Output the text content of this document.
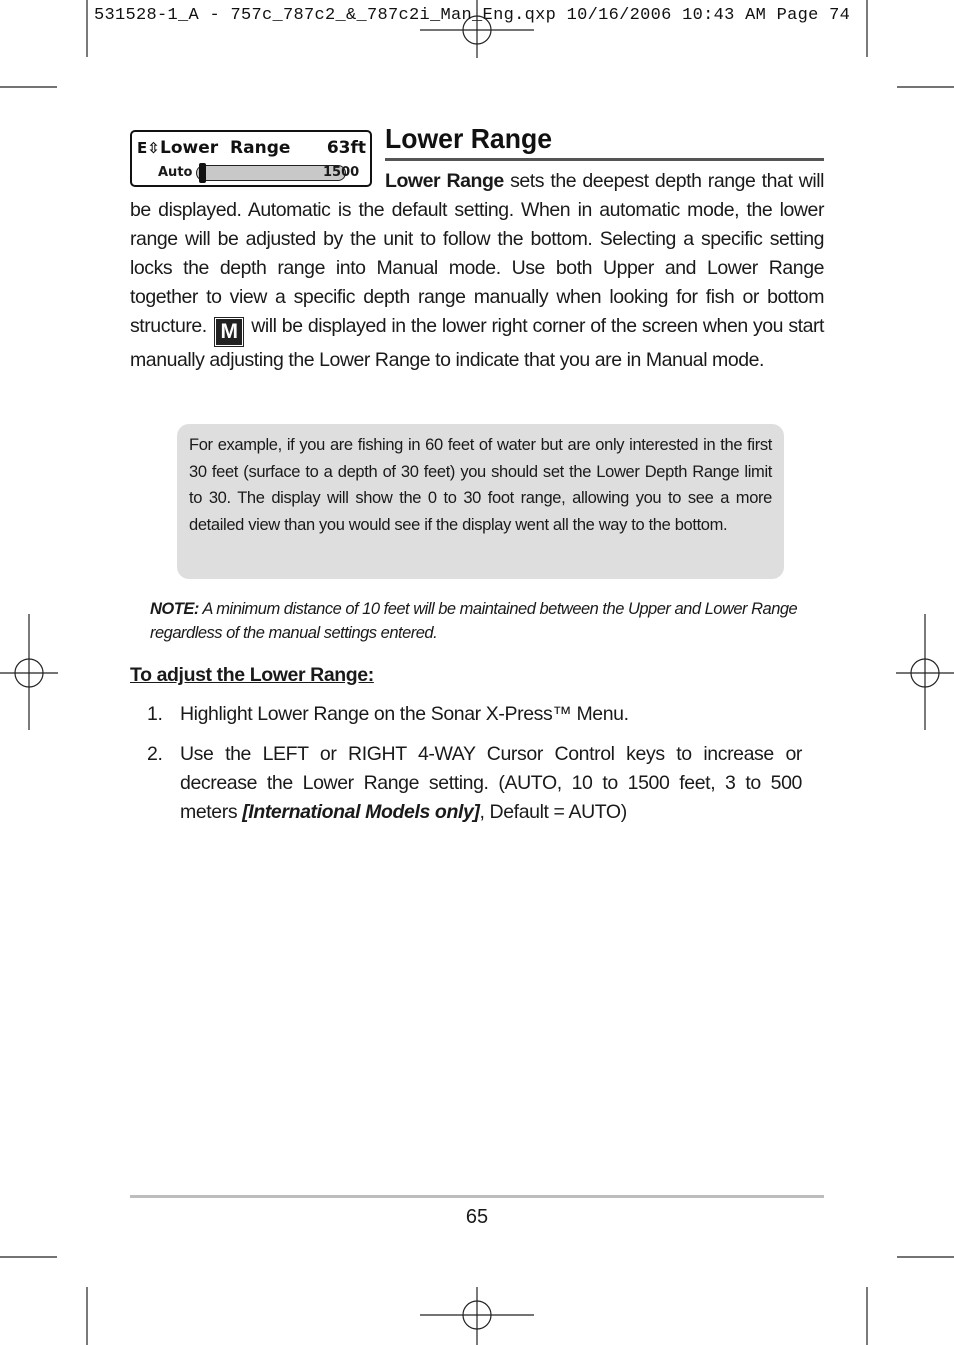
531528-1_A - 757c_787c2_&_787c2i_Man_Eng.qxp 10/16/2006 10:43 AM Page 74
E⇳ Lower Range 63ft
Auto	1500
Lower Range

Lower Range sets the deepest depth range that will be displayed. Automatic is the default setting. When in automatic mode, the lower range will be adjusted by the unit to follow the bottom. Selecting a specific setting locks the depth range into Manual mode. Use both Upper and Lower Range together to view a specific depth range manually when looking for fish or bottom structure. M will be displayed in the lower right corner of the screen when you start manually adjusting the Lower Range to indicate that you are in Manual mode.

For example, if you are fishing in 60 feet of water but are only interested in the first 30 feet (surface to a depth of 30 feet) you should set the Lower Depth Range limit to 30. The display will show the 0 to 30 foot range, allowing you to see a more detailed view than you would see if the display went all the way to the bottom.

NOTE: A minimum distance of 10 feet will be maintained between the Upper and Lower Range regardless of the manual settings entered.

To adjust the Lower Range:
1. Highlight Lower Range on the Sonar X-Press™ Menu.
2. Use the LEFT or RIGHT 4-WAY Cursor Control keys to increase or decrease the Lower Range setting. (AUTO, 10 to 1500 feet, 3 to 500 meters [International Models only], Default = AUTO)
65
